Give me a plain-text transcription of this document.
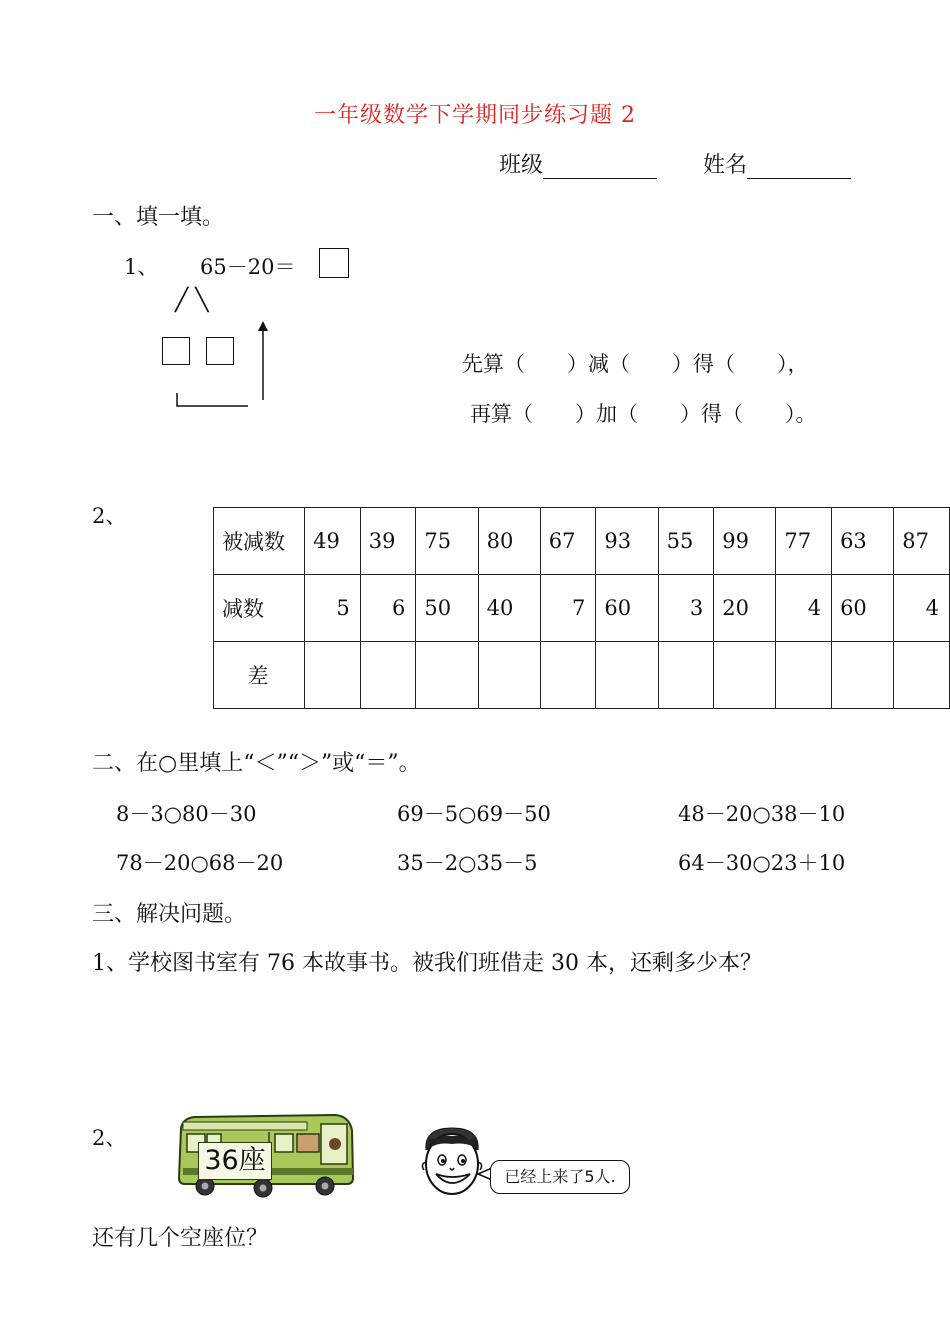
一年级数学下学期同步练习题 2
班级	姓名
一、填一填。
1、 65－20＝
╱ ╲
先算（　　）减（　　）得（　　），
再算（　　）加（　　）得（　　）。
2、
被减数	49	39	75	80	67	93	55	99	77	63	87
减数	5	6	50	40	7	60	3	20	4	60	4
差											
二、在○里填上“＜”“＞”或“＝”。
8－3○80－30	69－5○69－50	48－20○38－10
78－20○68－20	35－2○35－5	64－30○23＋10
三、解决问题。
1、学校图书室有 76 本故事书。被我们班借走 30 本，还剩多少本？
2、
36座
已经上来了5人.
还有几个空座位？
